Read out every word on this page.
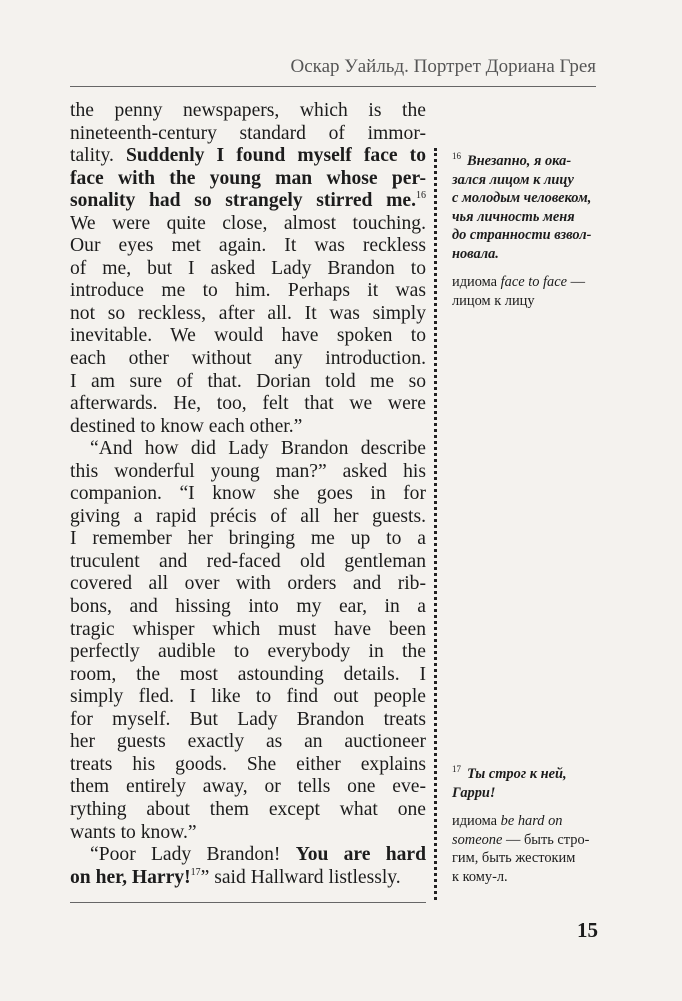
Оскар Уайльд. Портрет Дориана Грея
the penny newspapers, which is the
nineteenth-century standard of immor-
tality. Suddenly I found myself face to
face with the young man whose per-
sonality had so strangely stirred me.$^{16}$
We were quite close, almost touching.
Our eyes met again. It was reckless
of me, but I asked Lady Brandon to
introduce me to him. Perhaps it was
not so reckless, after all. It was simply
inevitable. We would have spoken to
each other without any introduction.
I am sure of that. Dorian told me so
afterwards. He, too, felt that we were
destined to know each other.”
“And how did Lady Brandon describe
this wonderful young man?” asked his
companion. “I know she goes in for
giving a rapid précis of all her guests.
I remember her bringing me up to a
truculent and red-faced old gentleman
covered all over with orders and rib-
bons, and hissing into my ear, in a
tragic whisper which must have been
perfectly audible to everybody in the
room, the most astounding details. I
simply fled. I like to find out people
for myself. But Lady Brandon treats
her guests exactly as an auctioneer
treats his goods. She either explains
them entirely away, or tells one eve-
rything about them except what one
wants to know.”
“Poor Lady Brandon! You are hard
on her, Harry!$^{17}$” said Hallward listlessly.
$^{16}$ Внезапно, я ока-
зался лицом к лицу
с молодым человеком,
чья личность меня
до странности взвол-
новала.
идиома face to face —
лицом к лицу
$^{17}$ Ты строг к ней,
Гарри!
идиома be hard on
someone — быть стро-
гим, быть жестоким
к кому-л.
15
